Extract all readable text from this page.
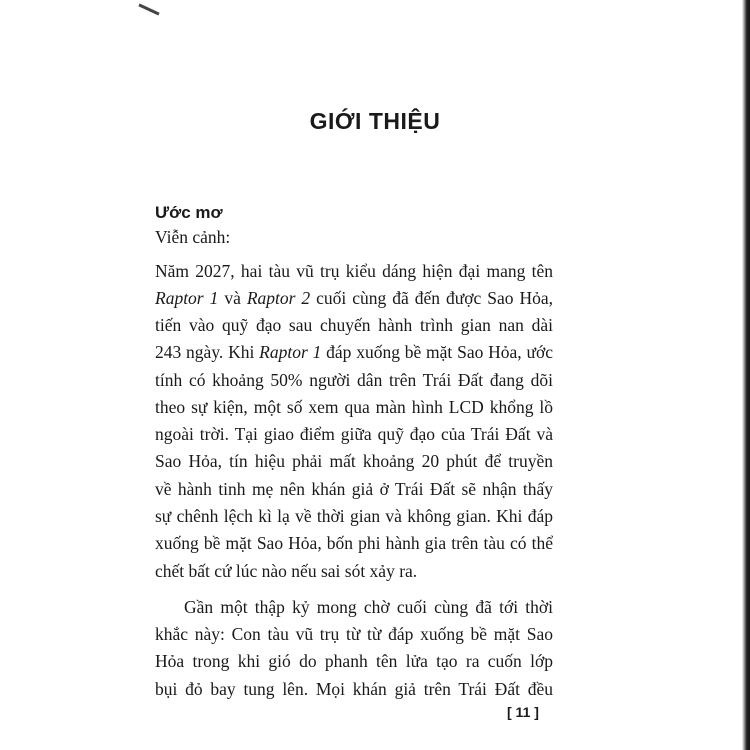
GIỚI THIỆU
Ước mơ
Viễn cảnh:
Năm 2027, hai tàu vũ trụ kiểu dáng hiện đại mang tên
Raptor 1 và Raptor 2 cuối cùng đã đến được Sao Hỏa,
tiến vào quỹ đạo sau chuyến hành trình gian nan dài
243 ngày. Khi Raptor 1 đáp xuống bề mặt Sao Hỏa, ước
tính có khoảng 50% người dân trên Trái Đất đang dõi
theo sự kiện, một số xem qua màn hình LCD khổng lồ
ngoài trời. Tại giao điểm giữa quỹ đạo của Trái Đất và
Sao Hỏa, tín hiệu phải mất khoảng 20 phút để truyền
về hành tinh mẹ nên khán giả ở Trái Đất sẽ nhận thấy
sự chênh lệch kì lạ về thời gian và không gian. Khi đáp
xuống bề mặt Sao Hỏa, bốn phi hành gia trên tàu có thể
chết bất cứ lúc nào nếu sai sót xảy ra.
Gần một thập kỷ mong chờ cuối cùng đã tới thời
khắc này: Con tàu vũ trụ từ từ đáp xuống bề mặt Sao
Hỏa trong khi gió do phanh tên lửa tạo ra cuốn lớp
bụi đỏ bay tung lên. Mọi khán giả trên Trái Đất đều
[ 11 ]
